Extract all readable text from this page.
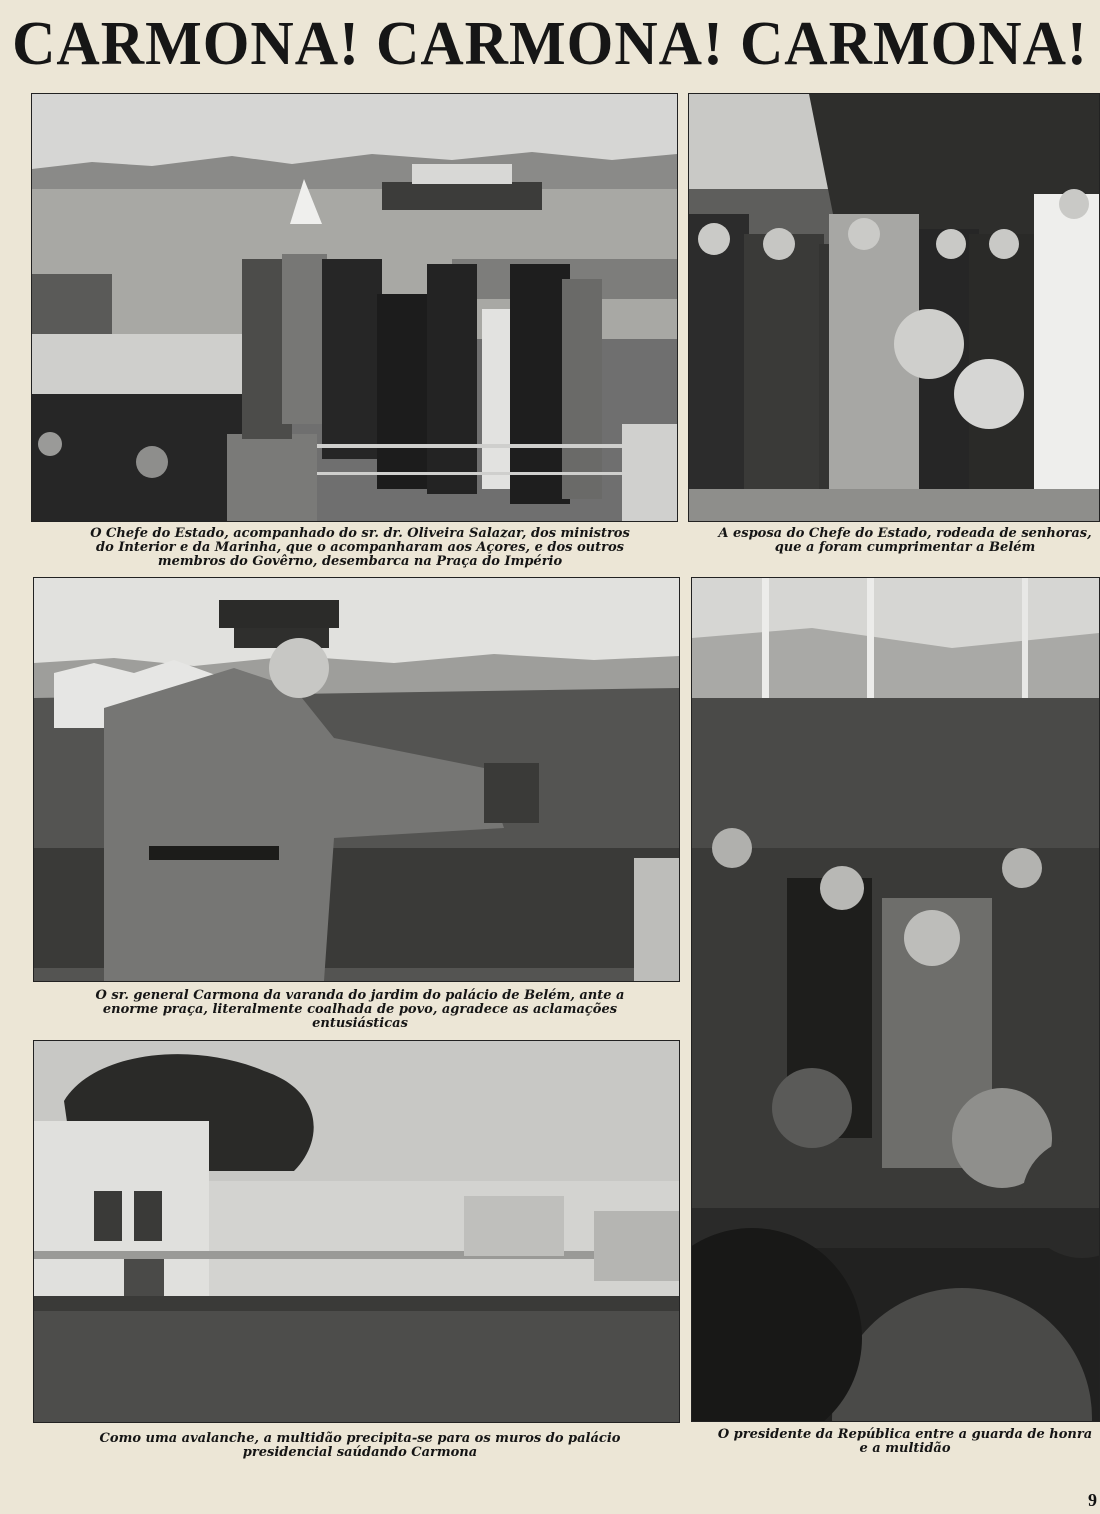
CARMONA! CARMONA! CARMONA!
O Chefe do Estado, acompanhado do sr. dr. Oliveira Salazar, dos ministros do Interior e da Marinha, que o acompanharam aos Açores, e dos outros membros do Govêrno, desembarca na Praça do Império
A esposa do Chefe do Estado, rodeada de senhoras, que a foram cumprimentar a Belém
O sr. general Carmona da varanda do jardim do palácio de Belém, ante a enorme praça, literalmente coalhada de povo, agradece as aclamações entusiásticas
O presidente da República entre a guarda de honra e a multidão
Como uma avalanche, a multidão precipita-se para os muros do palácio presidencial saúdando Carmona
9
